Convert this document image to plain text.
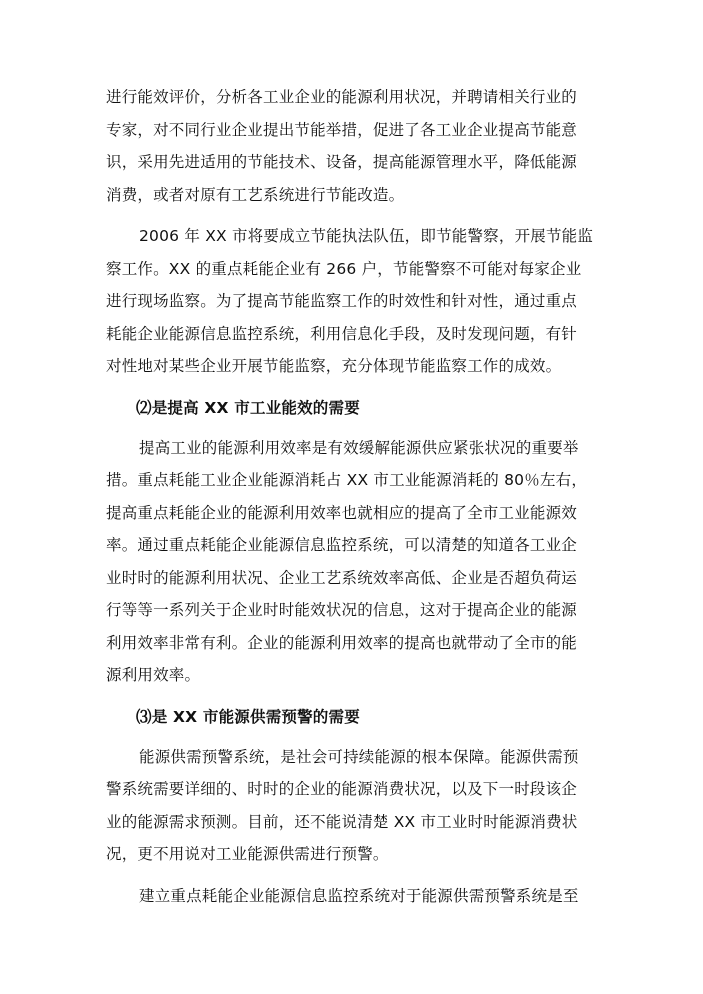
进行能效评价，分析各工业企业的能源利用状况，并聘请相关行业的
专家，对不同行业企业提出节能举措，促进了各工业企业提高节能意
识，采用先进适用的节能技术、设备，提高能源管理水平，降低能源
消费，或者对原有工艺系统进行节能改造。
2006 年 XX 市将要成立节能执法队伍，即节能警察，开展节能监
察工作。XX 的重点耗能企业有 266 户，节能警察不可能对每家企业
进行现场监察。为了提高节能监察工作的时效性和针对性，通过重点
耗能企业能源信息监控系统，利用信息化手段，及时发现问题，有针
对性地对某些企业开展节能监察，充分体现节能监察工作的成效。
⑵是提高 XX 市工业能效的需要
提高工业的能源利用效率是有效缓解能源供应紧张状况的重要举
措。重点耗能工业企业能源消耗占 XX 市工业能源消耗的 80％左右，
提高重点耗能企业的能源利用效率也就相应的提高了全市工业能源效
率。通过重点耗能企业能源信息监控系统，可以清楚的知道各工业企
业时时的能源利用状况、企业工艺系统效率高低、企业是否超负荷运
行等等一系列关于企业时时能效状况的信息，这对于提高企业的能源
利用效率非常有利。企业的能源利用效率的提高也就带动了全市的能
源利用效率。
⑶是 XX 市能源供需预警的需要
能源供需预警系统，是社会可持续能源的根本保障。能源供需预
警系统需要详细的、时时的企业的能源消费状况，以及下一时段该企
业的能源需求预测。目前，还不能说清楚 XX 市工业时时能源消费状
况，更不用说对工业能源供需进行预警。
建立重点耗能企业能源信息监控系统对于能源供需预警系统是至
